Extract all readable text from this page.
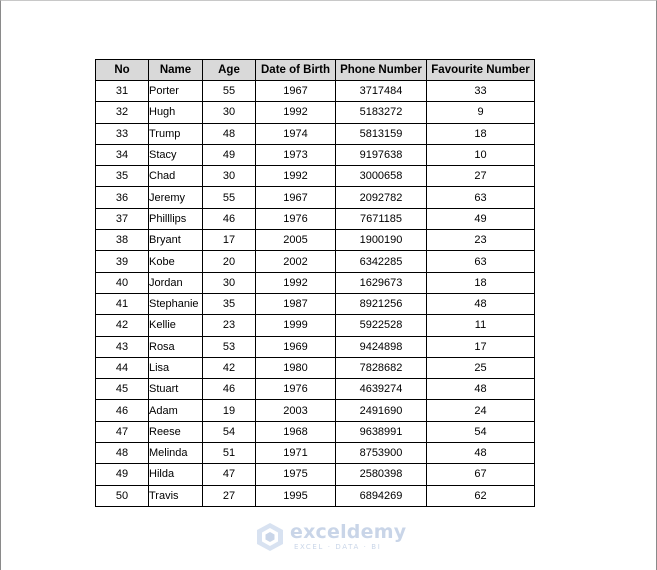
No	Name	Age	Date of Birth	Phone Number	Favourite Number
31	Porter	55	1967	3717484	33
32	Hugh	30	1992	5183272	9
33	Trump	48	1974	5813159	18
34	Stacy	49	1973	9197638	10
35	Chad	30	1992	3000658	27
36	Jeremy	55	1967	2092782	63
37	Philllips	46	1976	7671185	49
38	Bryant	17	2005	1900190	23
39	Kobe	20	2002	6342285	63
40	Jordan	30	1992	1629673	18
41	Stephanie	35	1987	8921256	48
42	Kellie	23	1999	5922528	11
43	Rosa	53	1969	9424898	17
44	Lisa	42	1980	7828682	25
45	Stuart	46	1976	4639274	48
46	Adam	19	2003	2491690	24
47	Reese	54	1968	9638991	54
48	Melinda	51	1971	8753900	48
49	Hilda	47	1975	2580398	67
50	Travis	27	1995	6894269	62
exceldemy
EXCEL · DATA · BI
